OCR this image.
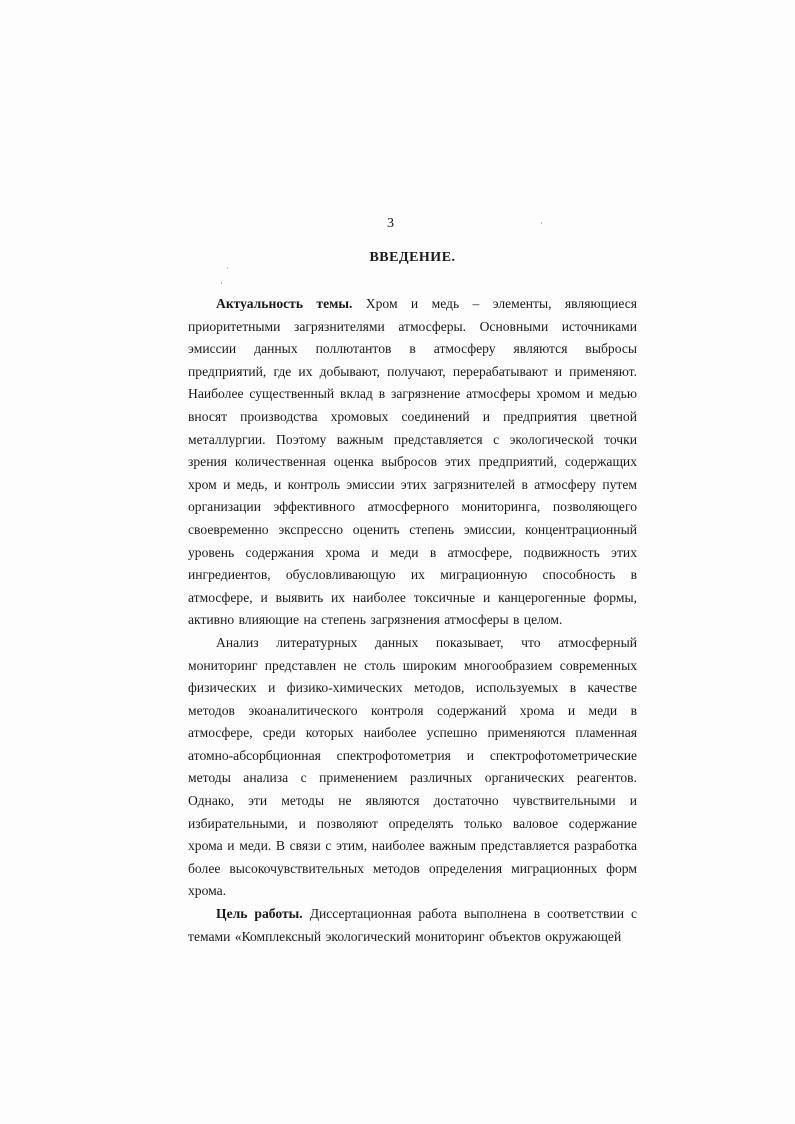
3
ВВЕДЕНИЕ.
·
ˊ
·

Актуальность темы. Хром и медь – элементы, являющиеся приоритетными загрязнителями атмосферы. Основными источниками эмиссии данных поллютантов в атмосферу являются выбросы предприятий, где их добывают, получают, перерабатывают и применяют. Наиболее существенный вклад в загрязнение атмосферы хромом и медью вносят производства хромовых соединений и предприятия цветной металлургии. Поэтому важным представляется с экологической точки зрения количественная оценка выбросов этих предприятий, содержащих хром и медь, и контроль эмиссии этих загрязнителей в атмосферу путем организации эффективного атмосферного мониторинга, позволяющего своевременно экспрессно оценить степень эмиссии, концентрационный уровень содержания хрома и меди в атмосфере, подвижность этих ингредиентов, обусловливающую их миграционную способность в атмосфере, и выявить их наиболее токсичные и канцерогенные формы, активно влияющие на степень загрязнения атмосферы в целом.

Анализ литературных данных показывает, что атмосферный мониторинг представлен не столь широким многообразием современных физических и физико-химических методов, используемых в качестве методов экоаналитического контроля содержаний хрома и меди в атмосфере, среди которых наиболее успешно применяются пламенная атомно-абсорбционная спектрофотометрия и спектрофотометрические методы анализа с применением различных органических реагентов. Однако, эти методы не являются достаточно чувствительными и избирательными, и позволяют определять только валовое содержание хрома и меди. В связи с этим, наиболее важным представляется разработка более высокочувствительных методов определения миграционных форм хрома.

Цель работы. Диссертационная работа выполнена в соответствии с темами «Комплексный экологический мониторинг объектов окружающей
